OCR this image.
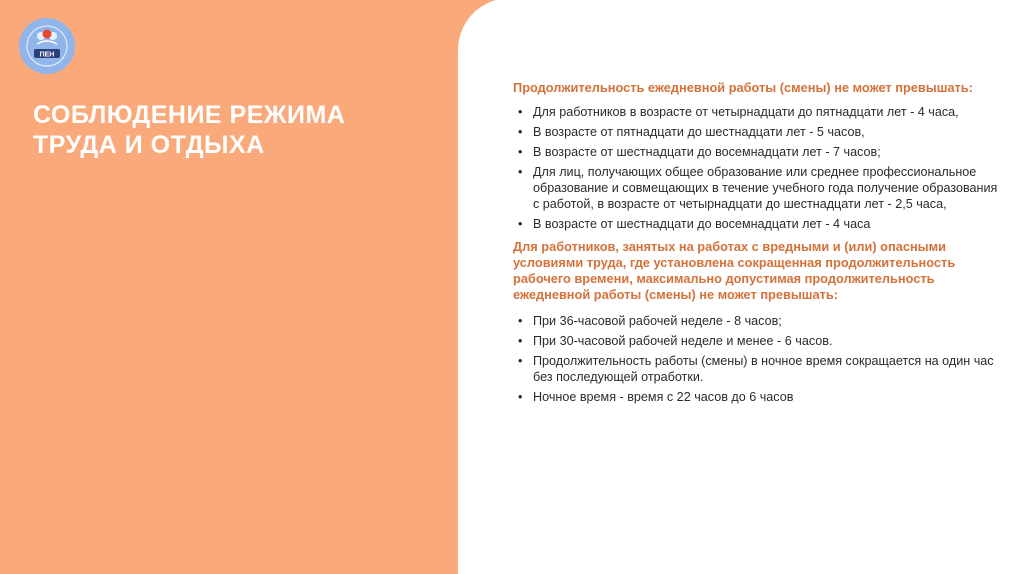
ПЕН
СОБЛЮДЕНИЕ РЕЖИМА
ТРУДА И ОТДЫХА
Продолжительность ежедневной работы (смены) не может превышать:
• Для работников в возрасте от четырнадцати до пятнадцати лет - 4 часа,
• В возрасте от пятнадцати до шестнадцати лет - 5 часов,
• В возрасте от шестнадцати до восемнадцати лет - 7 часов;
• Для лиц, получающих общее образование или среднее профессиональное образование и совмещающих в течение учебного года получение образования с работой, в возрасте от четырнадцати до шестнадцати лет - 2,5 часа,
• В возрасте от шестнадцати до восемнадцати лет - 4 часа
Для работников, занятых на работах с вредными и (или) опасными условиями труда, где установлена сокращенная продолжительность рабочего времени, максимально допустимая продолжительность ежедневной работы (смены) не может превышать:
• При 36-часовой рабочей неделе - 8 часов;
• При 30-часовой рабочей неделе и менее - 6 часов.
• Продолжительность работы (смены) в ночное время сокращается на один час без последующей отработки.
• Ночное время - время с 22 часов до 6 часов
